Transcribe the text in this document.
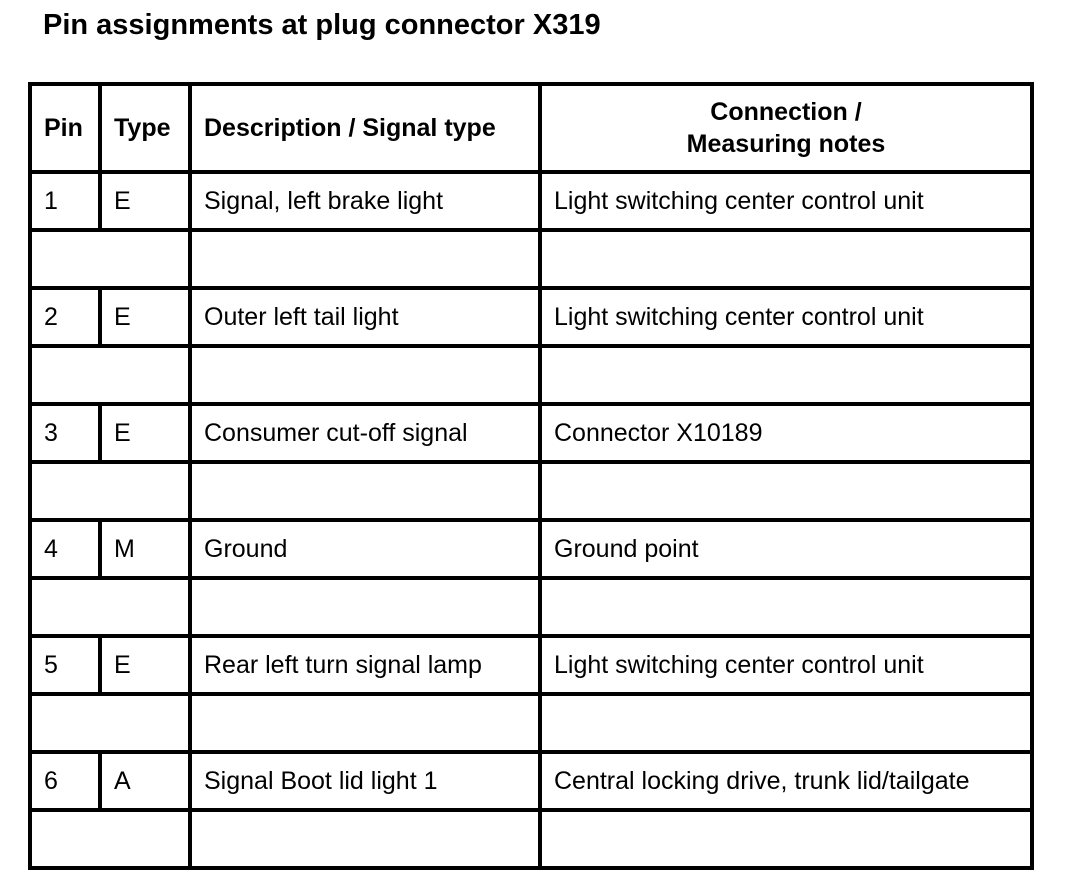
Pin assignments at plug connector X319
Pin	Type	Description / Signal type	Connection /
Measuring notes
1	E	Signal, left brake light	Light switching center control unit

2	E	Outer left tail light	Light switching center control unit

3	E	Consumer cut-off signal	Connector X10189

4	M	Ground	Ground point

5	E	Rear left turn signal lamp	Light switching center control unit

6	A	Signal Boot lid light 1	Central locking drive, trunk lid/tailgate
